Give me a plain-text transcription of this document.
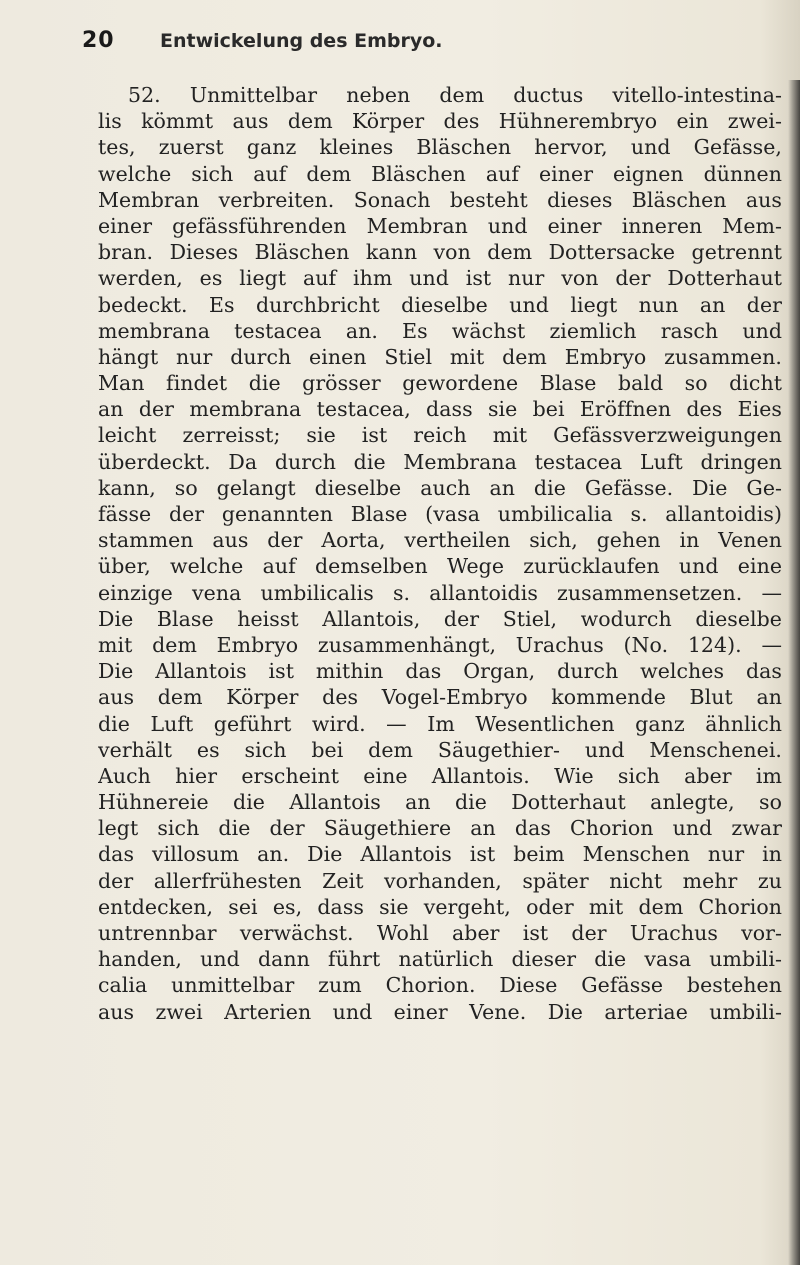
20 Entwickelung des Embryo.
52. Unmittelbar neben dem ductus vitello-intestina-
lis kömmt aus dem Körper des Hühnerembryo ein zwei-
tes, zuerst ganz kleines Bläschen hervor, und Gefässe,
welche sich auf dem Bläschen auf einer eignen dünnen
Membran verbreiten. Sonach besteht dieses Bläschen aus
einer gefässführenden Membran und einer inneren Mem-
bran. Dieses Bläschen kann von dem Dottersacke getrennt
werden, es liegt auf ihm und ist nur von der Dotterhaut
bedeckt. Es durchbricht dieselbe und liegt nun an der
membrana testacea an. Es wächst ziemlich rasch und
hängt nur durch einen Stiel mit dem Embryo zusammen.
Man findet die grösser gewordene Blase bald so dicht
an der membrana testacea, dass sie bei Eröffnen des Eies
leicht zerreisst; sie ist reich mit Gefässverzweigungen
überdeckt. Da durch die Membrana testacea Luft dringen
kann, so gelangt dieselbe auch an die Gefässe. Die Ge-
fässe der genannten Blase (vasa umbilicalia s. allantoidis)
stammen aus der Aorta, vertheilen sich, gehen in Venen
über, welche auf demselben Wege zurücklaufen und eine
einzige vena umbilicalis s. allantoidis zusammensetzen. —
Die Blase heisst Allantois, der Stiel, wodurch dieselbe
mit dem Embryo zusammenhängt, Urachus (No. 124). —
Die Allantois ist mithin das Organ, durch welches das
aus dem Körper des Vogel-Embryo kommende Blut an
die Luft geführt wird. — Im Wesentlichen ganz ähnlich
verhält es sich bei dem Säugethier- und Menschenei.
Auch hier erscheint eine Allantois. Wie sich aber im
Hühnereie die Allantois an die Dotterhaut anlegte, so
legt sich die der Säugethiere an das Chorion und zwar
das villosum an. Die Allantois ist beim Menschen nur in
der allerfrühesten Zeit vorhanden, später nicht mehr zu
entdecken, sei es, dass sie vergeht, oder mit dem Chorion
untrennbar verwächst. Wohl aber ist der Urachus vor-
handen, und dann führt natürlich dieser die vasa umbili-
calia unmittelbar zum Chorion. Diese Gefässe bestehen
aus zwei Arterien und einer Vene. Die arteriae umbili-
